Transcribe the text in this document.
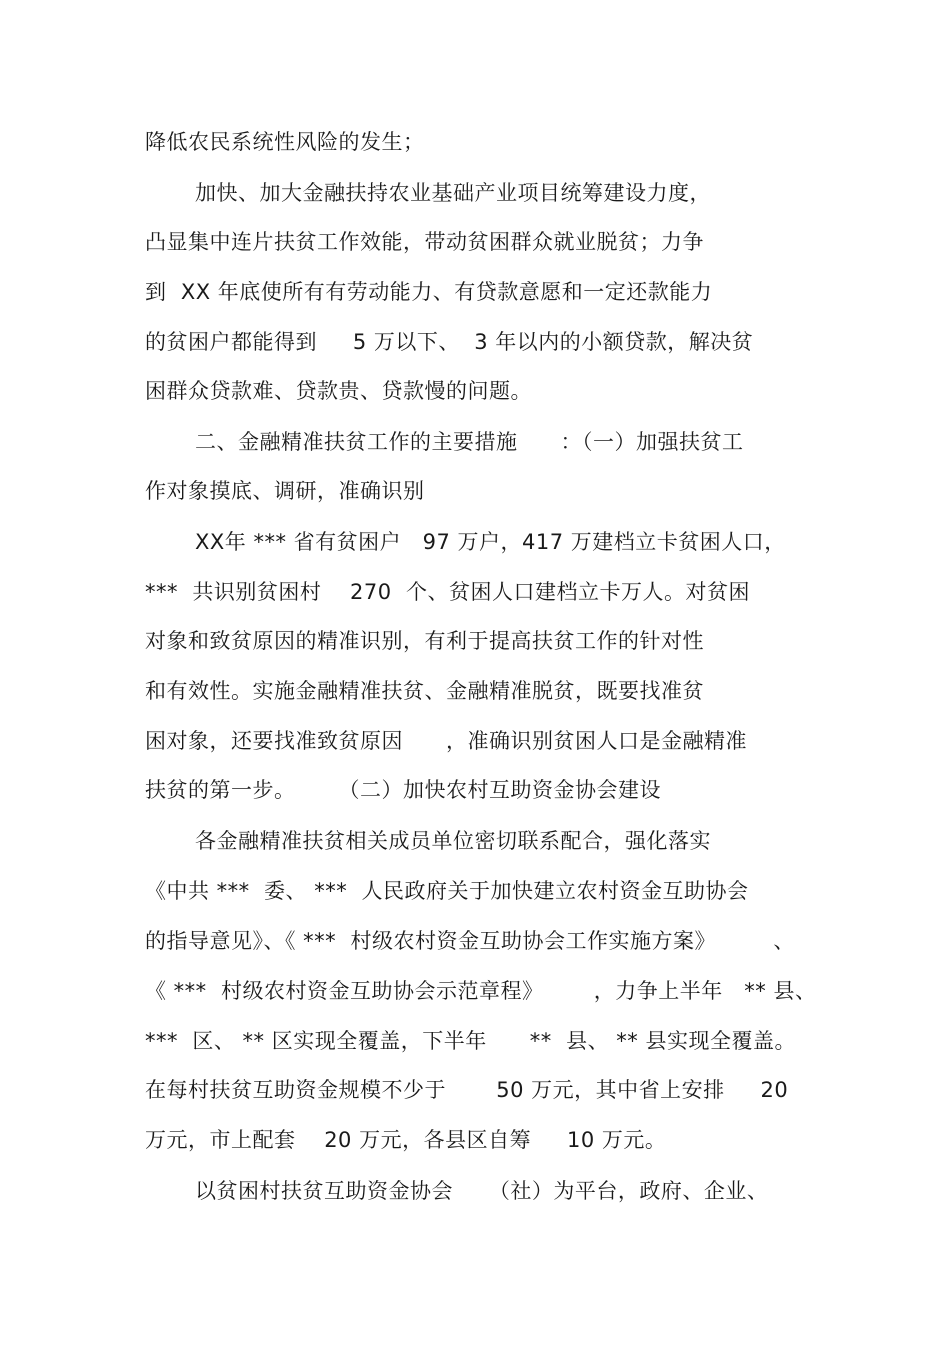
降低农民系统性风险的发生；
加快、加大金融扶持农业基础产业项目统筹建设力度，
凸显集中连片扶贫工作效能，带动贫困群众就业脱贫；力争
到  XX 年底使所有有劳动能力、有贷款意愿和一定还款能力
的贫困户都能得到     5 万以下、  3 年以内的小额贷款，解决贫
困群众贷款难、贷款贵、贷款慢的问题。
二、金融精准扶贫工作的主要措施      ：（一）加强扶贫工
作对象摸底、调研，准确识别
XX年 *** 省有贫困户   97 万户，417 万建档立卡贫困人口，
***  共识别贫困村    270  个、贫困人口建档立卡万人。对贫困
对象和致贫原因的精准识别，有利于提高扶贫工作的针对性
和有效性。实施金融精准扶贫、金融精准脱贫，既要找准贫
困对象，还要找准致贫原因      ，准确识别贫困人口是金融精准
扶贫的第一步。      （二）加快农村互助资金协会建设
各金融精准扶贫相关成员单位密切联系配合，强化落实
《中共 ***  委、 ***  人民政府关于加快建立农村资金互助协会
的指导意见》、《 ***  村级农村资金互助协会工作实施方案》        、
《 ***  村级农村资金互助协会示范章程》       ，力争上半年   ** 县、
***  区、 ** 区实现全覆盖，下半年      **  县、 ** 县实现全覆盖。
在每村扶贫互助资金规模不少于       50 万元，其中省上安排     20
万元，市上配套    20 万元，各县区自筹     10 万元。
以贫困村扶贫互助资金协会     （社）为平台，政府、企业、
